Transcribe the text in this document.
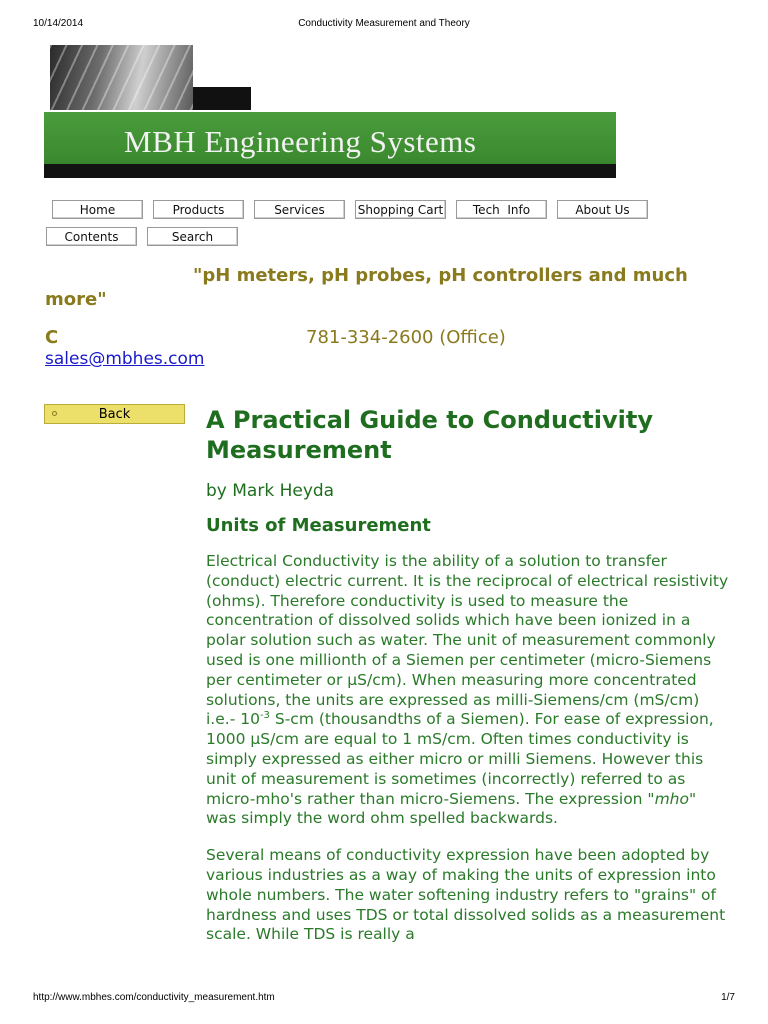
10/14/2014	Conductivity Measurement and Theory
MBH Engineering Systems
Home	Products	Services	Shopping Cart	Tech  Info	About Us
Contents	Search
"pH meters, pH probes, pH controllers and much
more"
C	781-334-2600 (Office)
sales@mbhes.com
Back	A Practical Guide to Conductivity Measurement
by Mark Heyda
Units of Measurement

Electrical Conductivity is the ability of a solution to transfer (conduct) electric current. It is the reciprocal of electrical resistivity (ohms). Therefore conductivity is used to measure the concentration of dissolved solids which have been ionized in a polar solution such as water. The unit of measurement commonly used is one millionth of a Siemen per centimeter (micro-Siemens per centimeter or µS/cm). When measuring more concentrated solutions, the units are expressed as milli-Siemens/cm (mS/cm) i.e.- $10^{-3}$ S-cm (thousandths of a Siemen). For ease of expression, 1000 µS/cm are equal to 1 mS/cm. Often times conductivity is simply expressed as either micro or milli Siemens. However this unit of measurement is sometimes (incorrectly) referred to as micro-mho's rather than micro-Siemens. The expression "mho" was simply the word ohm spelled backwards.

Several means of conductivity expression have been adopted by various industries as a way of making the units of expression into whole numbers. The water softening industry refers to "grains" of hardness and uses TDS or total dissolved solids as a measurement scale. While TDS is really a

http://www.mbhes.com/conductivity_measurement.htm	1/7
